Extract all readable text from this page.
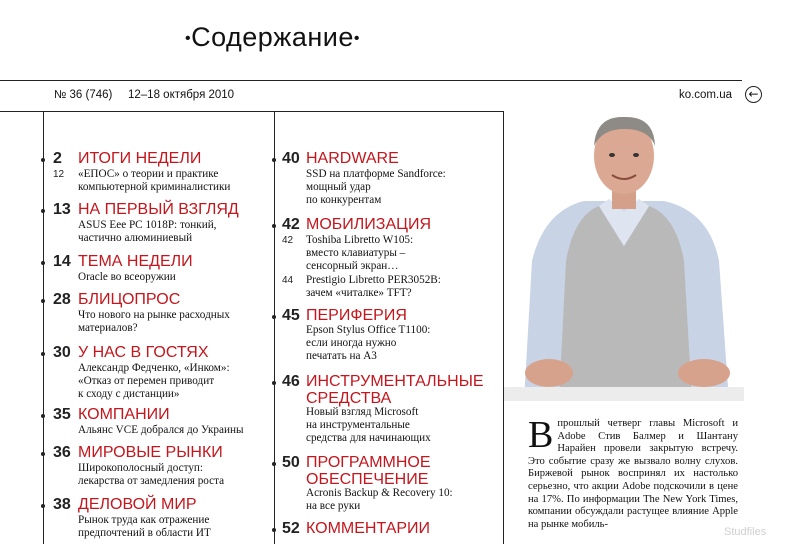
•Содержание•
№ 36 (746) 12–18 октября 2010	ko.com.ua ←
2 ИТОГИ НЕДЕЛИ
12 «ЕПОС» о теории и практике
компьютерной криминалистики
13 НА ПЕРВЫЙ ВЗГЛЯД
ASUS Eee PC 1018P: тонкий,
частично алюминиевый
14 ТЕМА НЕДЕЛИ
Oracle во всеоружии
28 БЛИЦОПРОС
Что нового на рынке расходных
материалов?
30 У НАС В ГОСТЯХ
Александр Федченко, «Инком»:
«Отказ от перемен приводит
к сходу с дистанции»
35 КОМПАНИИ
Альянс VCE добрался до Украины
36 МИРОВЫЕ РЫНКИ
Широкополосный доступ:
лекарства от замедления роста
38 ДЕЛОВОЙ МИР
Рынок труда как отражение
предпочтений в области ИТ
40 HARDWARE
SSD на платформе Sandforce:
мощный удар
по конкурентам
42 МОБИЛИЗАЦИЯ
42 Toshiba Libretto W105:
вместо клавиатуры –
сенсорный экран…
44 Prestigio Libretto PER3052B:
зачем «читалке» TFT?
45 ПЕРИФЕРИЯ
Epson Stylus Office T1100:
если иногда нужно
печатать на А3
46 ИНСТРУМЕНТАЛЬНЫЕ
СРЕДСТВА
Новый взгляд Microsoft
на инструментальные
средства для начинающих
50 ПРОГРАММНОЕ
ОБЕСПЕЧЕНИЕ
Acronis Backup & Recovery 10:
на все руки
52 КОММЕНТАРИИ
Впрошлый четверг главы Microsoft и Adobe Стив Балмер и Шантану Нарайен провели закрытую встречу. Это событие сразу же вызвало волну слухов. Биржевой рынок воспринял их настолько серьезно, что акции Adobe подскочили в цене на 17%. По информации The New York Times, компании обсуждали растущее влияние Apple на рынке мобиль-
Studfiles
